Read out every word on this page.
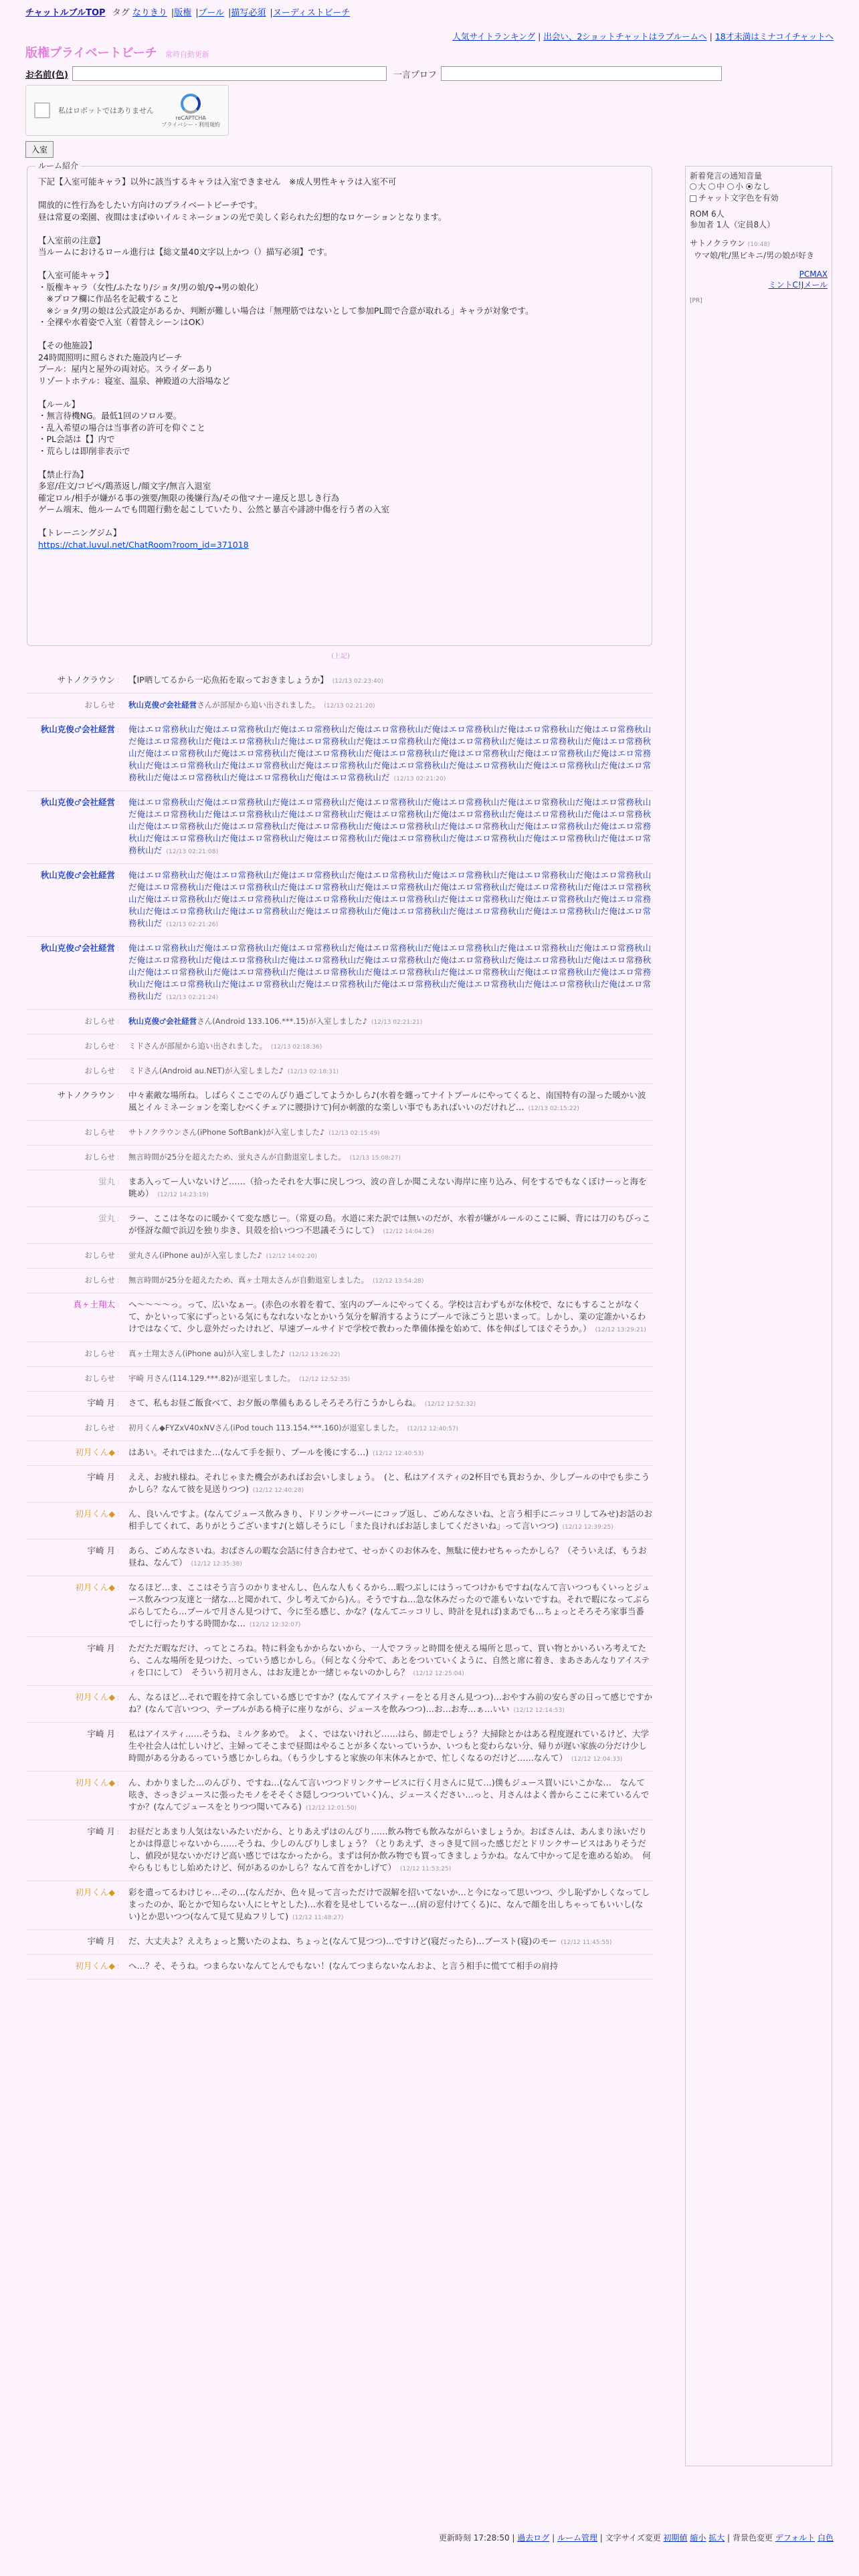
チャットルブルTOP タグ なりきり |版権 |プール |描写必須 |ヌーディストビーチ
人気サイトランキング | 出会い、2ショットチャットはラブルームへ | 18才未満はミナコイチャットへ
版権プライベートビーチ 常時自動更新
お名前 (色)	一言プロフ
私はロボットではありません
reCAPTCHA
プライバシー・利用規約
入室
ルーム紹介
下記【入室可能キャラ】以外に該当するキャラは入室できません　※成人男性キャラは入室不可
開放的に性行為をしたい方向けのプライベートビーチです。
昼は常夏の楽園、夜間はまばゆいイルミネーションの光で美しく彩られた幻想的なロケーションとなります。
【入室前の注意】
当ルームにおけるロール進行は【総文量40文字以上かつ（）描写必須】です。
【入室可能キャラ】
・版権キャラ（女性/ふたなり/ショタ/男の娘/♀→男の娘化）
　※プロフ欄に作品名を記載すること
　※ショタ/男の娘は公式設定があるか、判断が難しい場合は「無理筋ではないとして参加PL間で合意が取れる」キャラが対象です。
・全裸や水着姿で入室（着替えシーンはOK）
【その他施設】
24時間照明に照らされた施設内ビーチ
プール：屋内と屋外の両対応。スライダーあり
リゾートホテル：寝室、温泉、神殿道の大浴場など
【ルール】
・無言待機NG。最低1回のソロル要。
・乱入希望の場合は当事者の許可を仰ぐこと
・PL会話は【】内で
・荒らしは即削非表示で
【禁止行為】
多窓/荘文/コピペ/鶏蒸返し/顔文字/無言入退室
確定ロル/相手が嫌がる事の強要/無限の後嫌行為/その他マナー違反と思しき行為
ゲーム端末、他ルームでも問題行動を起こしていたり、公然と暴言や誹謗中傷を行う者の入室
【トレーニングジム】
https://chat.luvul.net/ChatRoom?room_id=371018
(上記)
新着発言の通知音量
大 中 小 なし
チャット文字色を有効
ROM 6人
参加者 1人（定員8人）
サトノクラウン (10:48)
ウマ娘/牝/黒ビキニ/男の娘が好き
PCMAX
ミントC!Jメール
[PR]
サトノクラウン ： 【IP晒してるから一応魚拓を取っておきましょうか】 (12/13 02:23:40)
おしらせ ： 秋山克俊♂会社経営さんが部屋から追い出されました。 (12/13 02:21:20)
秋山克俊♂会社経営 ： 俺はエロ常務秋山だ俺はエロ常務秋山だ俺はエロ常務秋山だ俺はエロ常務秋山だ俺はエロ常務秋山だ俺はエロ常務秋山だ俺はエロ常務秋山だ俺はエロ常務秋山だ俺はエロ常務秋山だ俺はエロ常務秋山だ俺はエロ常務秋山だ俺はエロ常務秋山だ俺はエロ常務秋山だ俺はエロ常務秋山だ俺はエロ常務秋山だ俺はエロ常務秋山だ俺はエロ常務秋山だ俺はエロ常務秋山だ俺はエロ常務秋山だ俺はエロ常務秋山だ俺はエロ常務秋山だ俺はエロ常務秋山だ俺はエロ常務秋山だ俺はエロ常務秋山だ俺はエロ常務秋山だ俺はエロ常務秋山だ俺はエロ常務秋山だ俺はエロ常務秋山だ俺はエロ常務秋山だ俺はエロ常務秋山だ俺はエロ常務秋山だ (12/13 02:21:20)
秋山克俊♂会社経営 ： 俺はエロ常務秋山だ俺はエロ常務秋山だ俺はエロ常務秋山だ俺はエロ常務秋山だ俺はエロ常務秋山だ俺はエロ常務秋山だ俺はエロ常務秋山だ俺はエロ常務秋山だ俺はエロ常務秋山だ俺はエロ常務秋山だ俺はエロ常務秋山だ俺はエロ常務秋山だ俺はエロ常務秋山だ俺はエロ常務秋山だ俺はエロ常務秋山だ俺はエロ常務秋山だ俺はエロ常務秋山だ俺はエロ常務秋山だ俺はエロ常務秋山だ俺はエロ常務秋山だ俺はエロ常務秋山だ俺はエロ常務秋山だ俺はエロ常務秋山だ俺はエロ常務秋山だ俺はエロ常務秋山だ俺はエロ常務秋山だ俺はエロ常務秋山だ俺はエロ常務秋山だ (12/13 02:21:08)
秋山克俊♂会社経営 ： 俺はエロ常務秋山だ俺はエロ常務秋山だ俺はエロ常務秋山だ俺はエロ常務秋山だ俺はエロ常務秋山だ俺はエロ常務秋山だ俺はエロ常務秋山だ俺はエロ常務秋山だ俺はエロ常務秋山だ俺はエロ常務秋山だ俺はエロ常務秋山だ俺はエロ常務秋山だ俺はエロ常務秋山だ俺はエロ常務秋山だ俺はエロ常務秋山だ俺はエロ常務秋山だ俺はエロ常務秋山だ俺はエロ常務秋山だ俺はエロ常務秋山だ俺はエロ常務秋山だ俺はエロ常務秋山だ俺はエロ常務秋山だ俺はエロ常務秋山だ俺はエロ常務秋山だ俺はエロ常務秋山だ俺はエロ常務秋山だ俺はエロ常務秋山だ俺はエロ常務秋山だ (12/13 02:21:26)
秋山克俊♂会社経営 ： 俺はエロ常務秋山だ俺はエロ常務秋山だ俺はエロ常務秋山だ俺はエロ常務秋山だ俺はエロ常務秋山だ俺はエロ常務秋山だ俺はエロ常務秋山だ俺はエロ常務秋山だ俺はエロ常務秋山だ俺はエロ常務秋山だ俺はエロ常務秋山だ俺はエロ常務秋山だ俺はエロ常務秋山だ俺はエロ常務秋山だ俺はエロ常務秋山だ俺はエロ常務秋山だ俺はエロ常務秋山だ俺はエロ常務秋山だ俺はエロ常務秋山だ俺はエロ常務秋山だ俺はエロ常務秋山だ俺はエロ常務秋山だ俺はエロ常務秋山だ俺はエロ常務秋山だ俺はエロ常務秋山だ俺はエロ常務秋山だ俺はエロ常務秋山だ俺はエロ常務秋山だ (12/13 02:21:24)
おしらせ ： 秋山克俊♂会社経営さん(Android 133.106.***.15)が入室しました♪ (12/13 02:21:21)
おしらせ ： ミドさんが部屋から追い出されました。 (12/13 02:18:36)
おしらせ ： ミドさん(Android au.NET)が入室しました♪ (12/13 02:18:31)
サトノクラウン ： 中々素敵な場所ね。しばらくここでのんびり過ごしてようかしら♪(水着を纏ってナイトプールにやってくると、南国特有の湿った暖かい波風とイルミネーションを楽しむべくチェアに腰掛けて)何か刺激的な楽しい事でもあればいいのだけれど… (12/13 02:15:22)
おしらせ ： サトノクラウンさん(iPhone SoftBank)が入室しました♪ (12/13 02:15:49)
おしらせ ： 無言時間が25分を超えたため、蛍丸さんが自動退室しました。 (12/13 15:08:27)
蛍丸 ： まあ入ってー人いないけど……（拾ったそれを大事に戻しつつ、波の音しか聞こえない海岸に座り込み、何をするでもなくぼけーっと海を眺め） (12/12 14:23:19)
蛍丸 ： ラー、ここは冬なのに暖かくて変な感じー。（常夏の島。水道に来た訳では無いのだが、水着が嫌がルールのここに瞬、背には刀のちびっこが怪訝な顔で浜辺を独り歩き、貝殻を拾いつつ不思議そうにして） (12/12 14:04:26)
おしらせ ： 蛍丸さん(iPhone au)が入室しました♪ (12/12 14:02:20)
おしらせ ： 無言時間が25分を超えたため、真ヶ土翔太さんが自動退室しました。 (12/12 13:54:28)
真ヶ土翔太 ： へ〜〜〜〜っ。って、広いなぁー。(赤色の水着を着て、室内のプールにやってくる。学校は言わずもがな休校で、なにもすることがなくて、かといって家にずっといる気にもなれないなとかいう気分を解消するようにプールで泳ごうと思いまって。しかし、業の定誰かいるわけではなくて、少し意外だったけれど、早速プールサイドで学校で教わった準備体操を始めて、体を伸ばしてほぐそうか。） (12/12 13:29:21)
おしらせ ： 真ヶ土翔太さん(iPhone au)が入室しました♪ (12/12 13:26:22)
おしらせ ： 宇崎 月さん(114.129.***.82)が退室しました。 (12/12 12:52:35)
宇崎 月 ： さて、私もお昼ご飯食べて、お夕飯の準備もあるしそろそろ行こうかしらね。 (12/12 12:52:32)
おしらせ ： 初月くん◆FYZxV40xNVさん(iPod touch 113.154.***.160)が退室しました。 (12/12 12:40:57)
初月くん◆ ： はあい。それではまた…(なんて手を振り、プールを後にする…) (12/12 12:40:53)
宇崎 月 ： ええ、お疲れ様ね。それじゃまた機会があればお会いしましょう。　(と、私はアイスティの2杯目でも貰おうか、少しプールの中でも歩こうかしら？なんて彼を見送りつつ) (12/12 12:40:28)
初月くん◆ ： ん、良いんですよ。(なんてジュース飲みきり、ドリンクサーバーにコップ返し、ごめんなさいね、と言う相手にニッコリしてみせ)お話のお相手してくれて、ありがとうございます♪(と嬉しそうにし「また良ければお話しましてくださいね」って言いつつ) (12/12 12:39:25)
宇崎 月 ： あら、ごめんなさいね。おばさんの暇な会話に付き合わせて、せっかくのお休みを、無駄に使わせちゃったかしら？（そういえば、もうお昼ね、なんて） (12/12 12:35:38)
初月くん◆ ： なるほど…ま、ここはそう言うのかりませんし、色んな人もくるから…暇つぶしにはうってつけかもですね(なんて言いつつもくいっとジュース飲みつつ友達と一緒な…と聞かれて、少し考えてから)ん。そうですね…急な休みだったので誰もいないですね。それで暇になってぶらぶらしてたら…プールで月さん見つけて、今に至る感じ、かな？(なんてニッコリし、時計を見れば)まあでも…ちょっとそろそろ家事当番でしに行ったりする時間かな… (12/12 12:32:07)
宇崎 月 ： ただただ暇なだけ、ってところね。特に料金もかからないから、一人でフラッと時間を使える場所と思って、買い物とかいろいろ考えてたら、こんな場所を見つけた、っていう感じかしら。（何となく分やて、あとをついていくように、自然と席に着き、まあさあんなりアイスティを口にして）　そういう初月さん、はお友達とか一緒じゃないのかしら？ (12/12 12:25:04)
初月くん◆ ： ん、なるほど…それで暇を持て余している感じですか？(なんてアイスティーをとる月さん見つつ)…おやすみ前の安らぎの日って感じですかね？(なんて言いつつ、テーブルがある椅子に座りながら、ジュースを飲みつつ)…お…お寿…ぁ…いい (12/12 12:14:53)
宇崎 月 ： 私はアイスティ……そうね、ミルク多めで。　よく、ではないけれど……はら、師走でしょう？大掃除とかはある程度遅れているけど、大学生や社会人は忙しいけど、主婦ってそこまで昼間はやることが多くないっていうか、いつもと変わらない分、帰りが遅い家族の分だけ少し時間がある分あるっていう感じかしらね。（もう少しすると家族の年末休みとかで、忙しくなるのだけど……なんて） (12/12 12:04:33)
初月くん◆ ： ん、わかりました…のんびり、ですね…(なんて言いつつドリンクサービスに行く月さんに見て…)僕もジュース買いにいこかな…　なんて呟き、さっきジュースに張ったモノをそそくさ隠しつつついていく)ん、ジュースください…っと、月さんはよく普からここに来ているんですか？(なんてジュースをとりつつ聞いてみる) (12/12 12:01:50)
宇崎 月 ： お昼だとあまり人気はないみたいだから、とりあえずはのんびり……飲み物でも飲みながらいましょうか。おばさんは、あんまり泳いだりとかは得意じゃないから……そうね、少しのんびりしましょう？（とりあえず、さっき見て回った感じだとドリンクサービスはありそうだし、値段が見ないかだけど高い感じではなかったから。まずは何か飲み物でも買ってきましょうかね。なんて中かって足を進める始め。　何やらもじもじし始めたけど、何があるのかしら？なんて首をかしげて） (12/12 11:53:25)
初月くん◆ ： 彩を遣ってるわけじゃ…その…(なんだか、色々見って言っただけで誤解を招いてないか…と今になって思いつつ、少し恥ずかしくなってしまったのか、恥とかで知らない人にヒヤとした)…水着を見せしているなー…(肩の窓付けてくる)に、なんで顔を出しちゃってもいいし(ない)とか思いつつ(なんて見て見ぬフリして) (12/12 11:48:27)
宇崎 月 ： だ、大丈夫よ？ええちょっと驚いたのよね、ちょっと(なんて見つつ)…ですけど(寝だったら)…ブースト(寝)のモー (12/12 11:45:55)
初月くん◆ ： へ…？そ、そうね。つまらないなんてとんでもない！(なんてつまらないなんおよ、と言う相手に慌てて相手の肩持
更新時刻 17:28:50 | 過去ログ | ルーム管理 | 文字サイズ変更 初期値 縮小 拡大 | 背景色変更 デフォルト 白色
